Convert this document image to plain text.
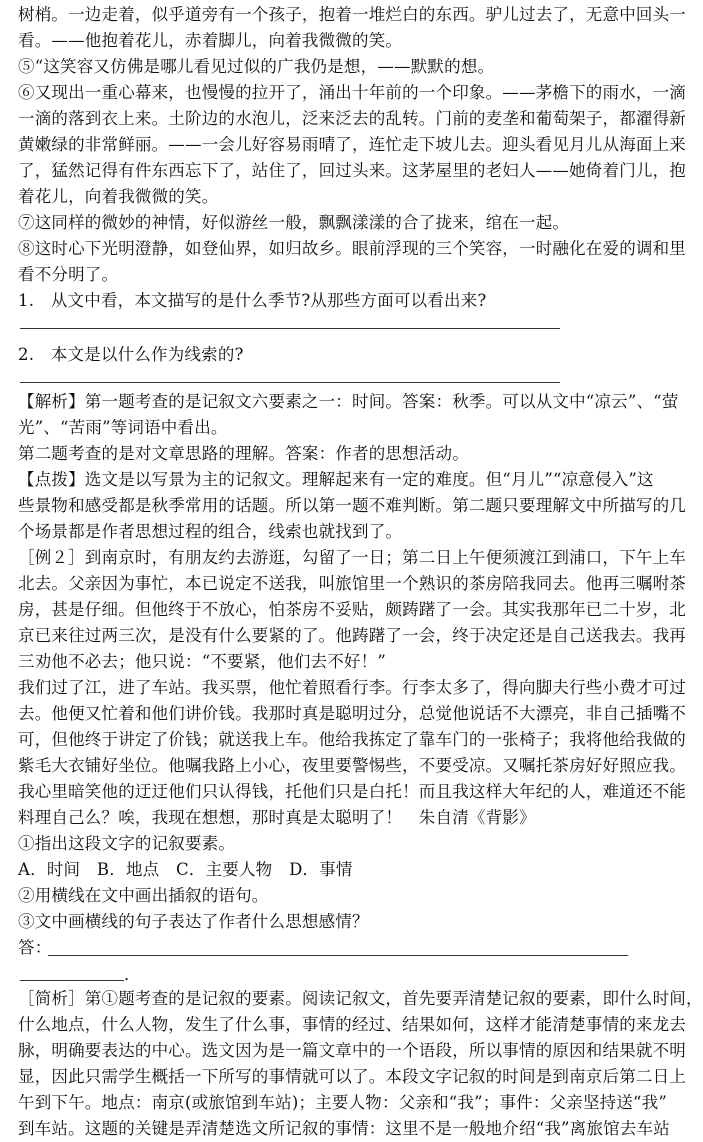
树梢。一边走着，似乎道旁有一个孩子，抱着一堆烂白的东西。驴儿过去了，无意中回头一
看。——他抱着花儿，赤着脚儿，向着我微微的笑。
⑤“这笑容又仿佛是哪儿看见过似的广我仍是想，——默默的想。
⑥又现出一重心幕来，也慢慢的拉开了，涌出十年前的一个印象。——茅檐下的雨水，一滴
一滴的落到衣上来。土阶边的水泡儿，泛来泛去的乱转。门前的麦垄和葡萄架子，都濯得新
黄嫩绿的非常鲜丽。——一会儿好容易雨晴了，连忙走下坡儿去。迎头看见月儿从海面上来
了，猛然记得有件东西忘下了，站住了，回过头来。这茅屋里的老妇人——她倚着门儿，抱
着花儿，向着我微微的笑。
⑦这同样的微妙的神情，好似游丝一般，飘飘漾漾的合了拢来，绾在一起。
⑧这时心下光明澄静，如登仙界，如归故乡。眼前浮现的三个笑容，一时融化在爱的调和里
看不分明了。
1.　从文中看，本文描写的是什么季节?从那些方面可以看出来?
2.　本文是以什么作为线索的?
【解析】第一题考查的是记叙文六要素之一：时间。答案：秋季。可以从文中“凉云”、“萤
光”、“苦雨”等词语中看出。
第二题考查的是对文章思路的理解。答案：作者的思想活动。
【点拨】选文是以写景为主的记叙文。理解起来有一定的难度。但“月儿”“凉意侵入”这
些景物和感受都是秋季常用的话题。所以第一题不难判断。第二题只要理解文中所描写的几
个场景都是作者思想过程的组合，线索也就找到了。
［例２］到南京时，有朋友约去游逛，勾留了一日；第二日上午便须渡江到浦口，下午上车
北去。父亲因为事忙，本已说定不送我，叫旅馆里一个熟识的茶房陪我同去。他再三嘱咐茶
房，甚是仔细。但他终于不放心，怕茶房不妥贴，颇踌躇了一会。其实我那年已二十岁，北
京已来往过两三次，是没有什么要紧的了。他踌躇了一会，终于决定还是自己送我去。我再
三劝他不必去；他只说：“不要紧，他们去不好！”
我们过了江，进了车站。我买票，他忙着照看行李。行李太多了，得向脚夫行些小费才可过
去。他便又忙着和他们讲价钱。我那时真是聪明过分，总觉他说话不大漂亮，非自己插嘴不
可，但他终于讲定了价钱；就送我上车。他给我拣定了靠车门的一张椅子；我将他给我做的
紫毛大衣铺好坐位。他嘱我路上小心，夜里要警惕些，不要受凉。又嘱托茶房好好照应我。
我心里暗笑他的迂迂他们只认得钱，托他们只是白托！而且我这样大年纪的人，难道还不能
料理自己么？唉，我现在想想，那时真是太聪明了！　朱自清《背影》
①指出这段文字的记叙要素。
A．时间　B．地点　C．主要人物　D．事情
②用横线在文中画出插叙的语句。
③文中画横线的句子表达了作者什么思想感情？
答：
．
［简析］第①题考查的是记叙的要素。阅读记叙文，首先要弄清楚记叙的要素，即什么时间，
什么地点，什么人物，发生了什么事，事情的经过、结果如何，这样才能清楚事情的来龙去
脉，明确要表达的中心。选文因为是一篇文章中的一个语段，所以事情的原因和结果就不明
显，因此只需学生概括一下所写的事情就可以了。本段文字记叙的时间是到南京后第二日上
午到下午。地点：南京(或旅馆到车站)；主要人物：父亲和“我”；事件：父亲坚持送“我”
到车站。这题的关键是弄清楚选文所记叙的事情：这里不是一般地介绍“我”离旅馆去车站
